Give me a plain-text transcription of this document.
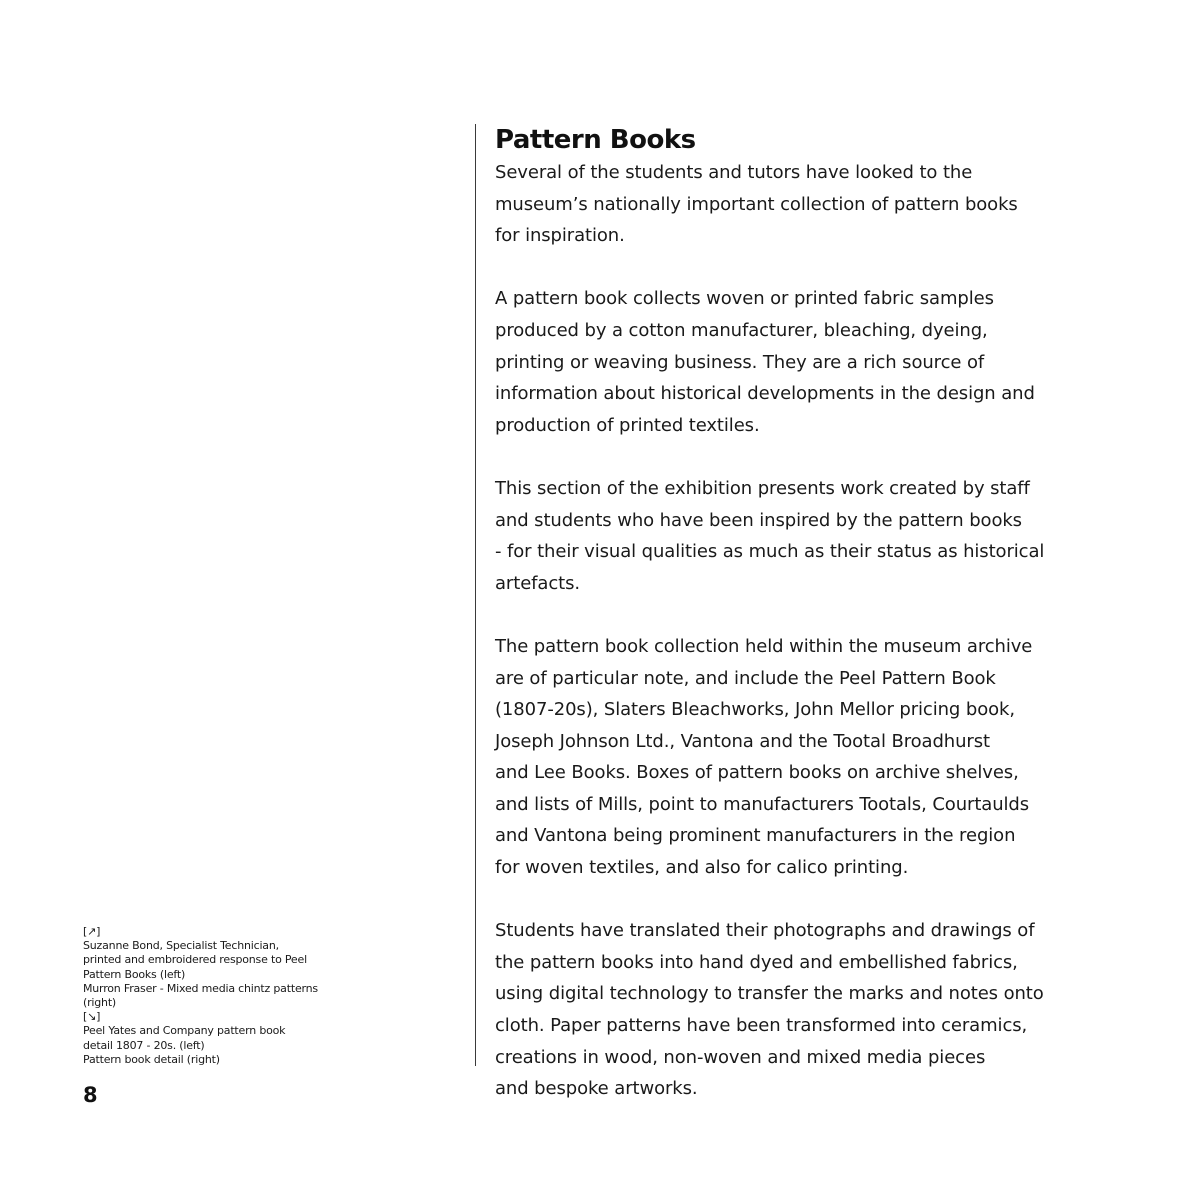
Pattern Books

Several of the students and tutors have looked to the
museum’s nationally important collection of pattern books
for inspiration.

A pattern book collects woven or printed fabric samples
produced by a cotton manufacturer, bleaching, dyeing,
printing or weaving business. They are a rich source of
information about historical developments in the design and
production of printed textiles.

This section of the exhibition presents work created by staff
and students who have been inspired by the pattern books
- for their visual qualities as much as their status as historical
artefacts.

The pattern book collection held within the museum archive
are of particular note, and include the Peel Pattern Book
(1807-20s), Slaters Bleachworks, John Mellor pricing book,
Joseph Johnson Ltd., Vantona and the Tootal Broadhurst
and Lee Books. Boxes of pattern books on archive shelves,
and lists of Mills, point to manufacturers Tootals, Courtaulds
and Vantona being prominent manufacturers in the region
for woven textiles, and also for calico printing.

Students have translated their photographs and drawings of
the pattern books into hand dyed and embellished fabrics,
using digital technology to transfer the marks and notes onto
cloth. Paper patterns have been transformed into ceramics,
creations in wood, non-woven and mixed media pieces
and bespoke artworks.

[↗]
Suzanne Bond, Specialist Technician,
printed and embroidered response to Peel
Pattern Books (left)
Murron Fraser - Mixed media chintz patterns
(right)
[↘]
Peel Yates and Company pattern book
detail 1807 - 20s. (left)
Pattern book detail (right)
8
